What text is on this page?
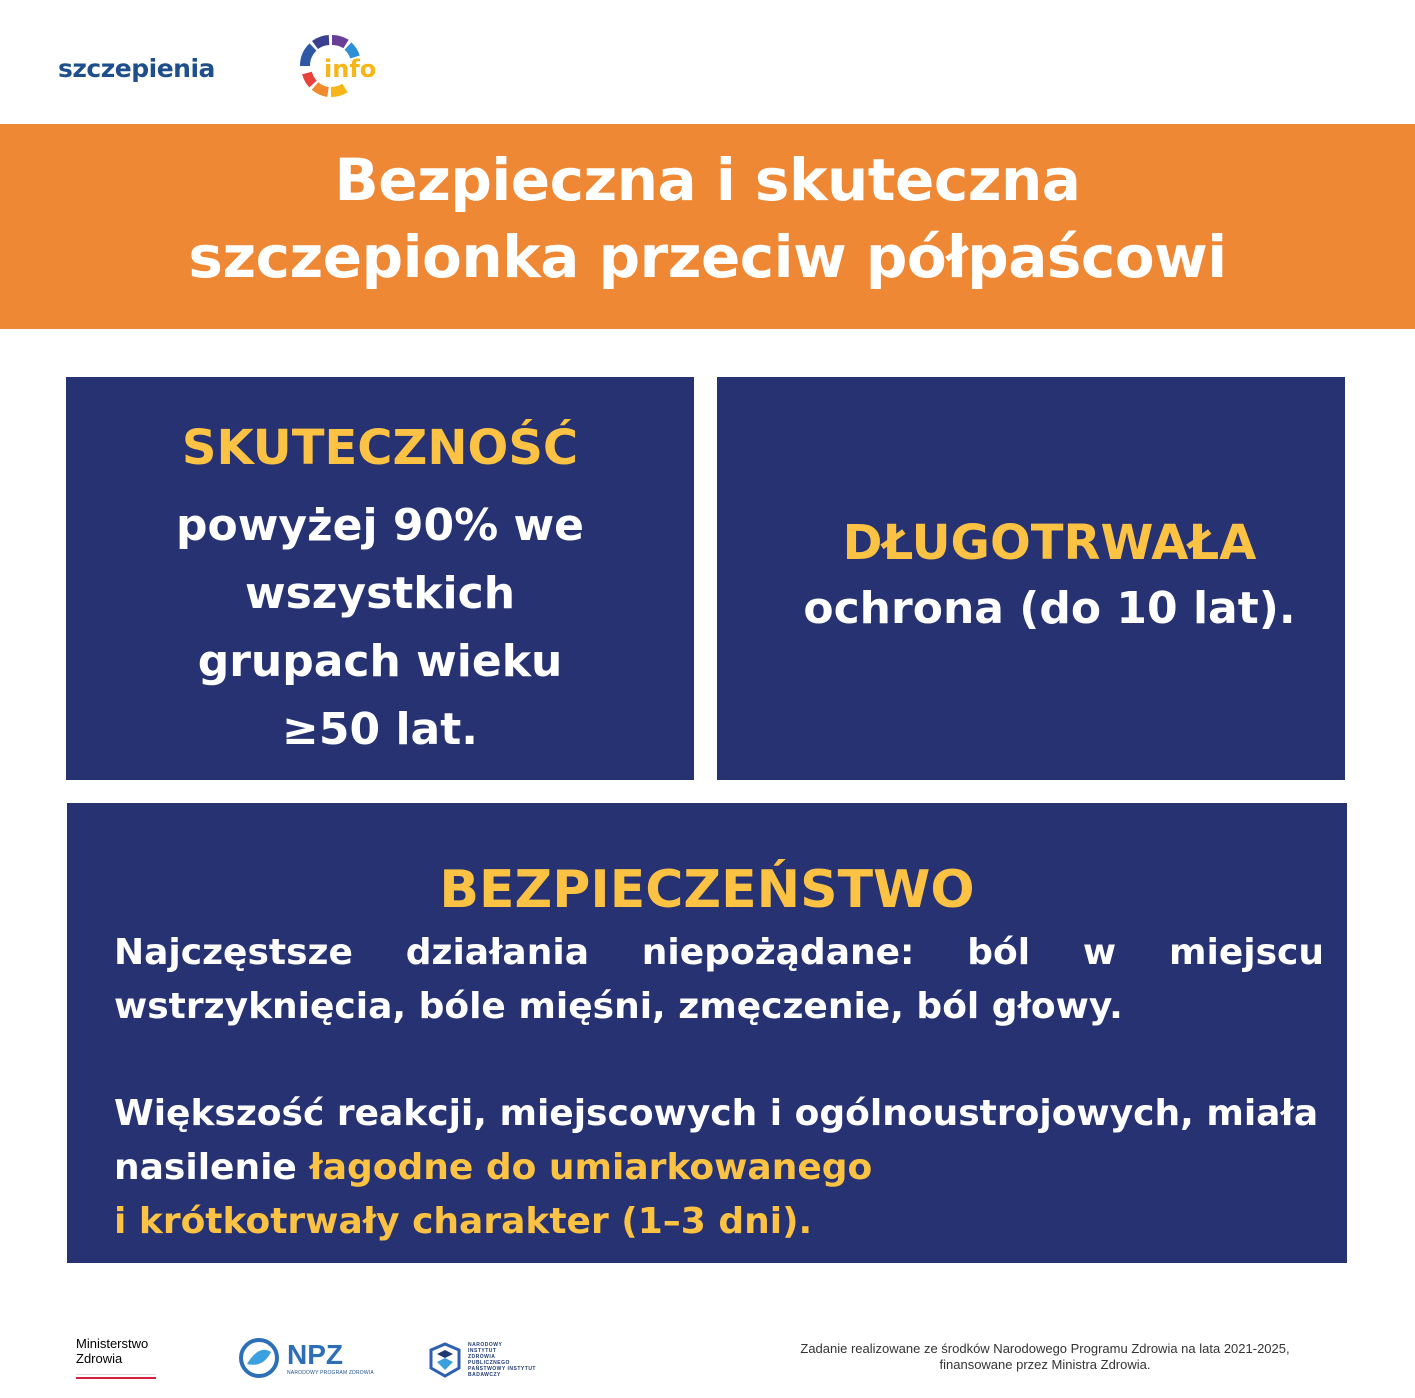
szczepienia	info
Bezpieczna i skuteczna
szczepionka przeciw półpaścowi
SKUTECZNOŚĆ
powyżej 90% we
wszystkich
grupach wieku
≥50 lat.
DŁUGOTRWAŁA
ochrona (do 10 lat).
BEZPIECZEŃSTWO
Najczęstsze działania niepożądane: ból w miejscu wstrzyknięcia, bóle mięśni, zmęczenie, ból głowy.
Większość reakcji, miejscowych i ogólnoustrojowych, miała nasilenie łagodne do umiarkowanego
i krótkotrwały charakter (1–3 dni).
Ministerstwo
Zdrowia	NPZ
NARODOWY PROGRAM ZDROWIA
NARODOWY
INSTYTUT
ZDROWIA
PUBLICZNEGO
PAŃSTWOWY INSTYTUT
BADAWCZY
Zadanie realizowane ze środków Narodowego Programu Zdrowia na lata 2021-2025,
finansowane przez Ministra Zdrowia.
